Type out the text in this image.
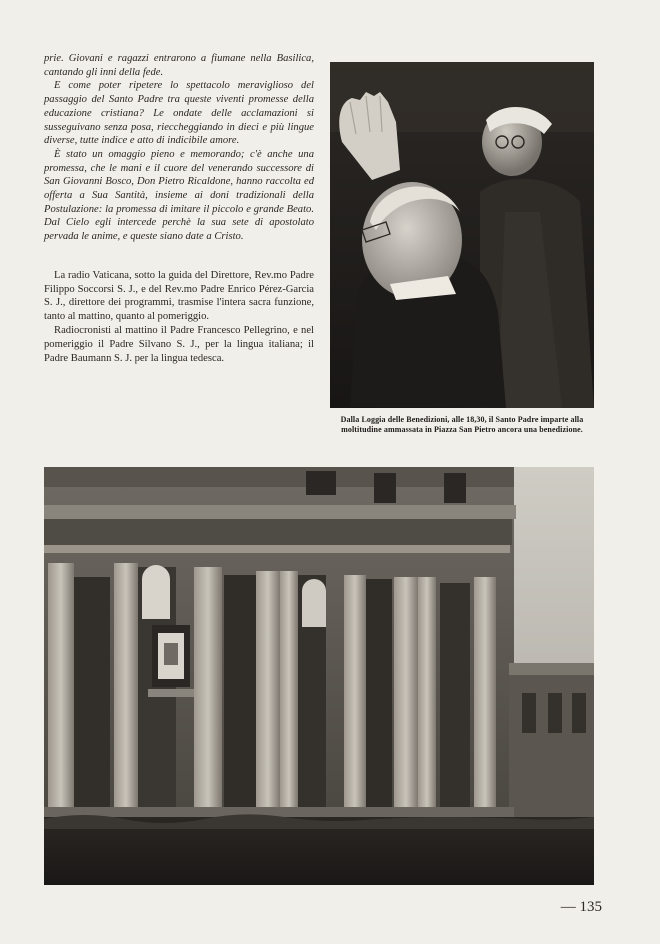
prie. Giovani e ragazzi entrarono a fiumane nella Basilica, cantando gli inni della fede.

E come poter ripetere lo spettacolo meraviglioso del passaggio del Santo Padre tra queste viventi promesse della educazione cristiana? Le ondate delle acclamazioni si susseguivano senza posa, rieccheggiando in dieci e più lingue diverse, tutte indice e atto di indicibile amore.

È stato un omaggio pieno e memorando; c'è anche una promessa, che le mani e il cuore del venerando successore di San Giovanni Bosco, Don Pietro Ricaldone, hanno raccolta ed offerta a Sua Santità, insieme ai doni tradizionali della Postulazione: la promessa di imitare il piccolo e grande Beato. Dal Cielo egli intercede perchè la sua sete di apostolato pervada le anime, e queste siano date a Cristo.

La radio Vaticana, sotto la guida del Direttore, Rev.mo Padre Filippo Soccorsi S. J., e del Rev.mo Padre Enrico Pérez-Garcia S. J., direttore dei programmi, trasmise l'intera sacra funzione, tanto al mattino, quanto al pomeriggio.

Radiocronisti al mattino il Padre Francesco Pellegrino, e nel pomeriggio il Padre Silvano S. J., per la lingua italiana; il Padre Baumann S. J. per la lingua tedesca.

Dalla Loggia delle Benedizioni, alle 18,30, il Santo Padre imparte alla moltitudine ammassata in Piazza San Pietro ancora una benedizione.
— 135
